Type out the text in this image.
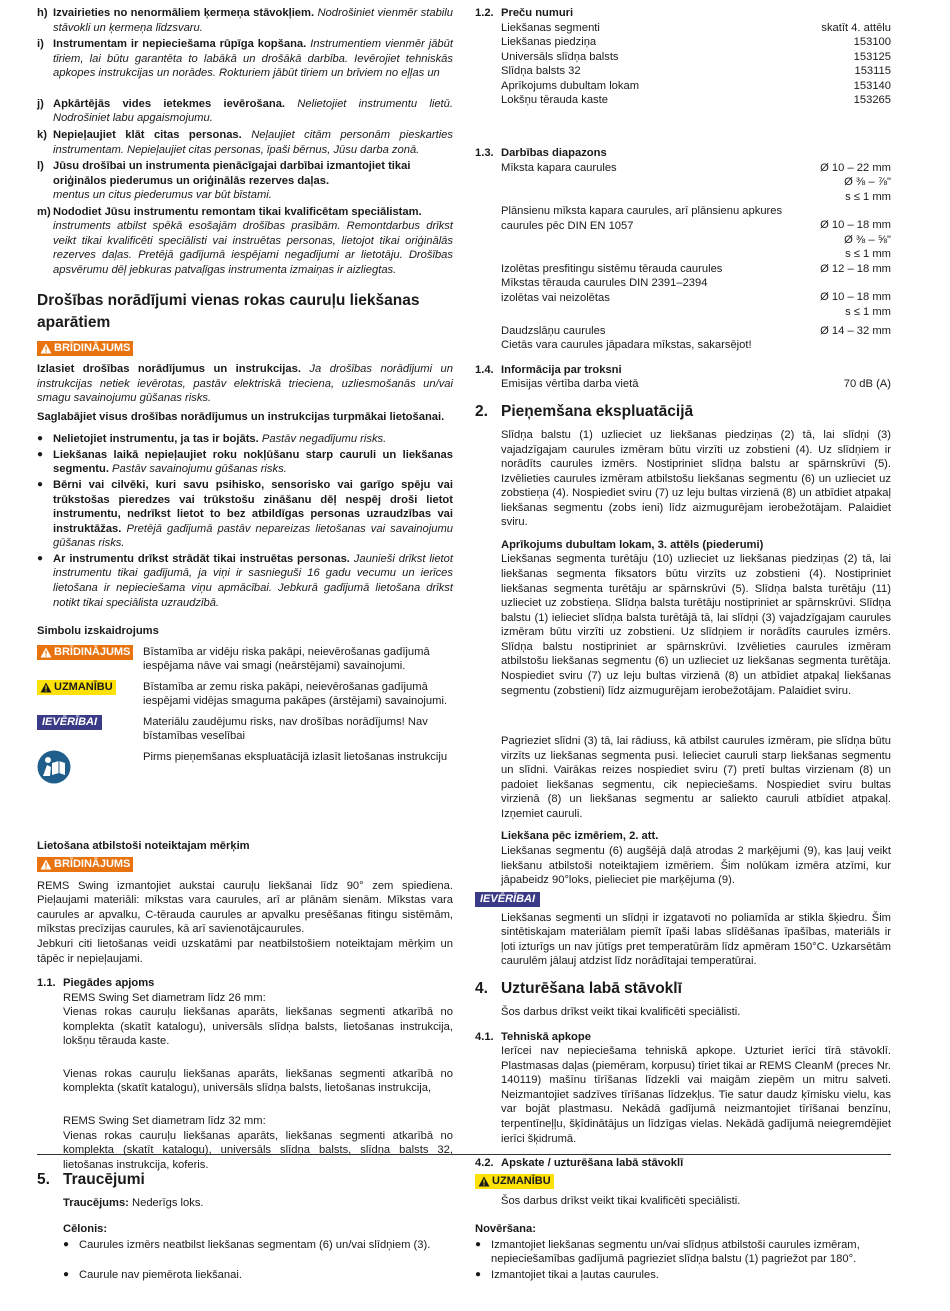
h) Izvairieties no nenormāliem ķermeņa stāvokļiem. Nodrošiniet vienmēr stabilu stāvokli un ķermeņa līdzsvaru.
i) Instrumentam ir nepieciešama rūpīga kopšana. Instrumentiem vienmēr jābūt tīriem, lai būtu garantēta to labākā un drošākā darbība. Ievērojiet tehniskās apkopes instrukcijas un norādes. Rokturiem jābūt tīriem un brīviem no eļļas un
j) Apkārtējās vides ietekmes ievērošana. Nelietojiet instrumentu lietū. Nodrošiniet labu apgaismojumu.
k) Nepieļaujiet klāt citas personas. Neļaujiet citām personām pieskarties instrumentam. Nepieļaujiet citas personas, īpaši bērnus, Jūsu darba zonā.
l) Jūsu drošībai un instrumenta pienācīgajai darbībai izmantojiet tikai oriģinālos piederumus un oriģinālās rezerves daļas.
mentus un citus piederumus var būt bīstami.
m) Nododiet Jūsu instrumentu remontam tikai kvalificētam speciālistam.
instruments atbilst spēkā esošajām drošības prasībām. Remontdarbus drīkst veikt tikai kvalificēti speciālisti vai instruētas personas, lietojot tikai oriģinālās rezerves daļas. Pretējā gadījumā iespējami negadījumi ar lietotāju. Drošības apsvērumu dēļ jebkuras patvaļīgas instrumenta izmaiņas ir aizliegtas.
Drošības norādījumi vienas rokas cauruļu liekšanas aparātiem
BRĪDINĀJUMS
Izlasiet drošības norādījumus un instrukcijas. Ja drošības norādījumi un instrukcijas netiek ievērotas, pastāv elektriskā trieciena, uzliesmošanās un/vai smagu savainojumu gūšanas risks.
Saglabājiet visus drošības norādījumus un instrukcijas turpmākai lietošanai.
● Nelietojiet instrumentu, ja tas ir bojāts. Pastāv negadījumu risks.
● Liekšanas laikā nepieļaujiet roku nokļūšanu starp cauruli un liekšanas segmentu. Pastāv savainojumu gūšanas risks.
● Bērni vai cilvēki, kuri savu psihisko, sensorisko vai garīgo spēju vai trūkstošas pieredzes vai trūkstošu zināšanu dēļ nespēj droši lietot instrumentu, nedrīkst lietot to bez atbildīgas personas uzraudzības vai instruktāžas. Pretējā gadījumā pastāv nepareizas lietošanas vai savainojumu gūšanas risks.
● Ar instrumentu drīkst strādāt tikai instruētas personas. Jaunieši drīkst lietot instrumentu tikai gadījumā, ja viņi ir sasnieguši 16 gadu vecumu un ierīces lietošana ir nepieciešama viņu apmācībai. Jebkurā gadījumā lietošana drīkst notikt tikai speciālista uzraudzībā.
Simbolu izskaidrojums
BRĪDINĀJUMS Bīstamība ar vidēju riska pakāpi, neievērošanas gadījumā iespējama nāve vai smagi (neārstējami) savainojumi.
UZMANĪBU	Bīstamība ar zemu riska pakāpi, neievērošanas gadījumā iespējami vidējas smaguma pakāpes (ārstējami) savainojumi.
IEVĒRĪBAI	Materiālu zaudējumu risks, nav drošības norādījums! Nav bīstamības veselībai
Pirms pieņemšanas ekspluatācijā izlasīt lietošanas instrukciju
Lietošana atbilstoši noteiktajam mērķim
BRĪDINĀJUMS
REMS Swing izmantojiet aukstai cauruļu liekšanai līdz 90° zem spiediena. Pieļaujami materiāli: mīkstas vara caurules, arī ar plānām sienām. Mīkstas vara caurules ar apvalku, C-tērauda caurules ar apvalku presēšanas fitingu sistēmām, mīkstas precīzijas caurules, kā arī savienotājcaurules.
Jebkuri citi lietošanas veidi uzskatāmi par neatbilstošiem noteiktajam mērķim un tāpēc ir nepieļaujami.
1.1. Piegādes apjoms
REMS Swing Set diametram līdz 26 mm:
Vienas rokas cauruļu liekšanas aparāts, liekšanas segmenti atkarībā no komplekta (skatīt katalogu), universāls slīdņa balsts, lietošanas instrukcija, lokšņu tērauda kaste.
Vienas rokas cauruļu liekšanas aparāts, liekšanas segmenti atkarībā no komplekta (skatīt katalogu), universāls slīdņa balsts, lietošanas instrukcija,
REMS Swing Set diametram līdz 32 mm:
Vienas rokas cauruļu liekšanas aparāts, liekšanas segmenti atkarībā no komplekta (skatīt katalogu), universāls slīdņa balsts, slīdņa balsts 32, lietošanas instrukcija, koferis.
1.2. Preču numuri
Liekšanas segmenti	skatīt 4. attēlu
Liekšanas piedziņa	153100
Universāls slīdņa balsts	153125
Slīdņa balsts 32	153115
Aprīkojums dubultam lokam	153140
Lokšņu tērauda kaste	153265
1.3. Darbības diapazons
Mīksta kapara caurules	Ø 10 – 22 mm
Ø ⅜ – ⅞"
s ≤ 1 mm
Plānsienu mīksta kapara caurules, arī plānsienu apkures caurules pēc DIN EN 1057	Ø 10 – 18 mm
Ø ⅜ – ⅝"
s ≤ 1 mm
Izolētas presfitingu sistēmu tērauda caurules	Ø 12 – 18 mm
Mīkstas tērauda caurules DIN 2391–2394 izolētas vai neizolētas	Ø 10 – 18 mm
s ≤ 1 mm
Daudzslāņu caurules	Ø 14 – 32 mm
Cietās vara caurules jāpadara mīkstas, sakarsējot!
1.4. Informācija par troksni
Emisijas vērtība darba vietā	70 dB (A)
2. Pieņemšana ekspluatācijā
Slīdņa balstu (1) uzlieciet uz liekšanas piedziņas (2) tā, lai slīdņi (3) vajadzīgajam caurules izmēram būtu virzīti uz zobstieni (4). Uz slīdņiem ir norādīts caurules izmērs. Nostipriniet slīdņa balstu ar spārnskrūvi (5). Izvēlieties caurules izmēram atbilstošu liekšanas segmentu (6) un uzlieciet uz zobstieņa (4). Nospiediet sviru (7) uz leju bultas virzienā (8) un atbīdiet atpakaļ liekšanas segmentu (zobs ieni) līdz aizmugurējam ierobežotājam. Palaidiet sviru.
Aprīkojums dubultam lokam, 3. attēls (piederumi)
Liekšanas segmenta turētāju (10) uzlieciet uz liekšanas piedziņas (2) tā, lai liekšanas segmenta fiksators būtu virzīts uz zobstieni (4). Nostipriniet liekšanas segmenta turētāju ar spārnskrūvi (5). Slīdņa balsta turētāju (11) uzlieciet uz zobstieņa. Slīdņa balsta turētāju nostipriniet ar spārnskrūvi. Slīdņa balstu (1) ielieciet slīdņa balsta turētājā tā, lai slīdņi (3) vajadzīgajam caurules izmēram būtu virzīti uz zobstieni. Uz slīdņiem ir norādīts caurules izmērs. Slīdņa balstu nostipriniet ar spārnskrūvi. Izvēlieties caurules izmēram atbilstošu liekšanas segmentu (6) un uzlieciet uz liekšanas segmenta turētāja. Nospiediet sviru (7) uz leju bultas virzienā (8) un atbīdiet atpakaļ liekšanas segmentu (zobstieni) līdz aizmugurējam ierobežotājam. Palaidiet sviru.
Pagrieziet slīdni (3) tā, lai rādiuss, kā atbilst caurules izmēram, pie slīdņa būtu virzīts uz liekšanas segmenta pusi. Ielieciet cauruli starp liekšanas segmentu un slīdni. Vairākas reizes nospiediet sviru (7) pretī bultas virzienam (8) un padoiet liekšanas segmentu, cik nepieciešams. Nospiediet sviru bultas virzienā (8) un liekšanas segmentu ar saliekto cauruli atbīdiet atpakaļ. Izņemiet cauruli.
Liekšana pēc izmēriem, 2. att.
Liekšanas segmentu (6) augšējā daļā atrodas 2 marķējumi (9), kas ļauj veikt liekšanu atbilstoši noteiktajiem izmēriem. Šim nolūkam izmēra atzīmi, kur jāpabeidz 90°loks, pielieciet pie marķējuma (9).
IEVĒRĪBAI
Liekšanas segmenti un slīdņi ir izgatavoti no poliamīda ar stikla šķiedru. Šim sintētiskajam materiālam piemīt īpaši labas slīdēšanas īpašības, materiāls ir ļoti izturīgs un nav jūtīgs pret temperatūrām līdz apmēram 150°C. Uzkarsētām caurulēm jālauj atdzist līdz norādītajai temperatūrai.
4. Uzturēšana labā stāvoklī
Šos darbus drīkst veikt tikai kvalificēti speciālisti.
4.1. Tehniskā apkope
Ierīcei nav nepieciešama tehniskā apkope. Uzturiet ierīci tīrā stāvoklī. Plastmasas daļas (piemēram, korpusu) tīriet tikai ar REMS CleanM (preces Nr. 140119) mašīnu tīrīšanas līdzekli vai maigām ziepēm un mitru salveti. Neizmantojiet sadzīves tīrīšanas līdzekļus. Tie satur daudz ķīmisku vielu, kas var bojāt plastmasu. Nekādā gadījumā neizmantojiet tīrīšanai benzīnu, terpentīneļļu, šķīdinātājus un līdzīgas vielas. Nekādā gadījumā neiegremdējiet ierīci šķidrumā.
4.2. Apskate / uzturēšana labā stāvoklī
UZMANĪBU
Šos darbus drīkst veikt tikai kvalificēti speciālisti.
5. Traucējumi
Traucējums: Nederīgs loks.
Cēlonis:
● Caurules izmērs neatbilst liekšanas segmentam (6) un/vai slīdņiem (3).
● Caurule nav piemērota liekšanai.
Novēršana:
● Izmantojiet liekšanas segmentu un/vai slīdņus atbilstoši caurules izmēram, nepieciešamības gadījumā pagrieziet slīdņa balstu (1) pagriežot par 180°.
● Izmantojiet tikai a ļautas caurules.
